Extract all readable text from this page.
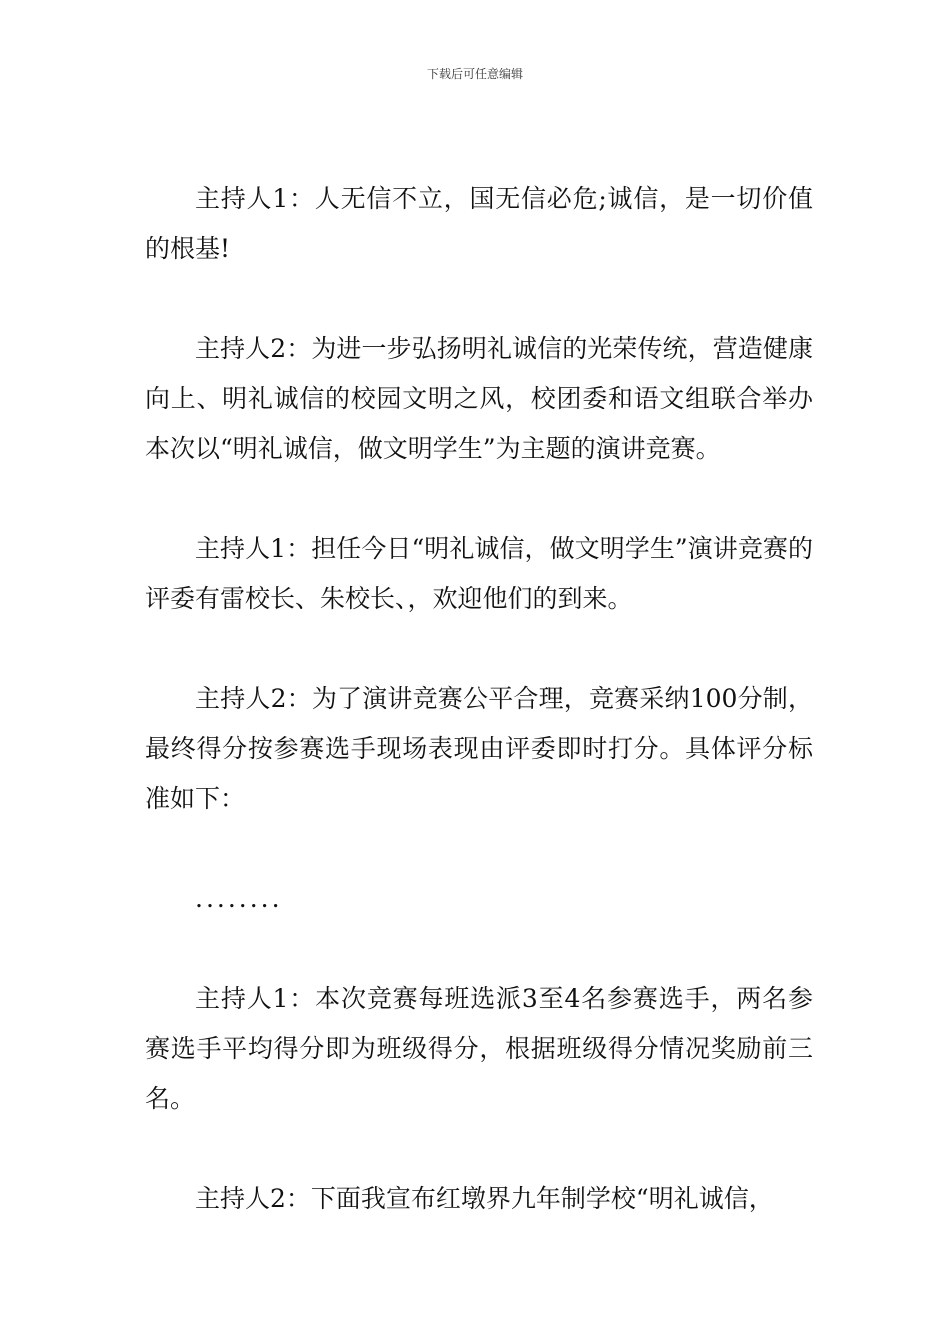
下载后可任意编辑

主持人1：人无信不立，国无信必危;诚信，是一切价值的根基!

主持人2：为进一步弘扬明礼诚信的光荣传统，营造健康向上、明礼诚信的校园文明之风，校团委和语文组联合举办本次以“明礼诚信，做文明学生”为主题的演讲竞赛。

主持人1：担任今日“明礼诚信，做文明学生”演讲竞赛的评委有雷校长、朱校长、，欢迎他们的到来。

主持人2：为了演讲竞赛公平合理，竞赛采纳100分制，最终得分按参赛选手现场表现由评委即时打分。具体评分标准如下：

........

主持人1：本次竞赛每班选派3至4名参赛选手，两名参赛选手平均得分即为班级得分，根据班级得分情况奖励前三名。

主持人2：下面我宣布红墩界九年制学校“明礼诚信，
